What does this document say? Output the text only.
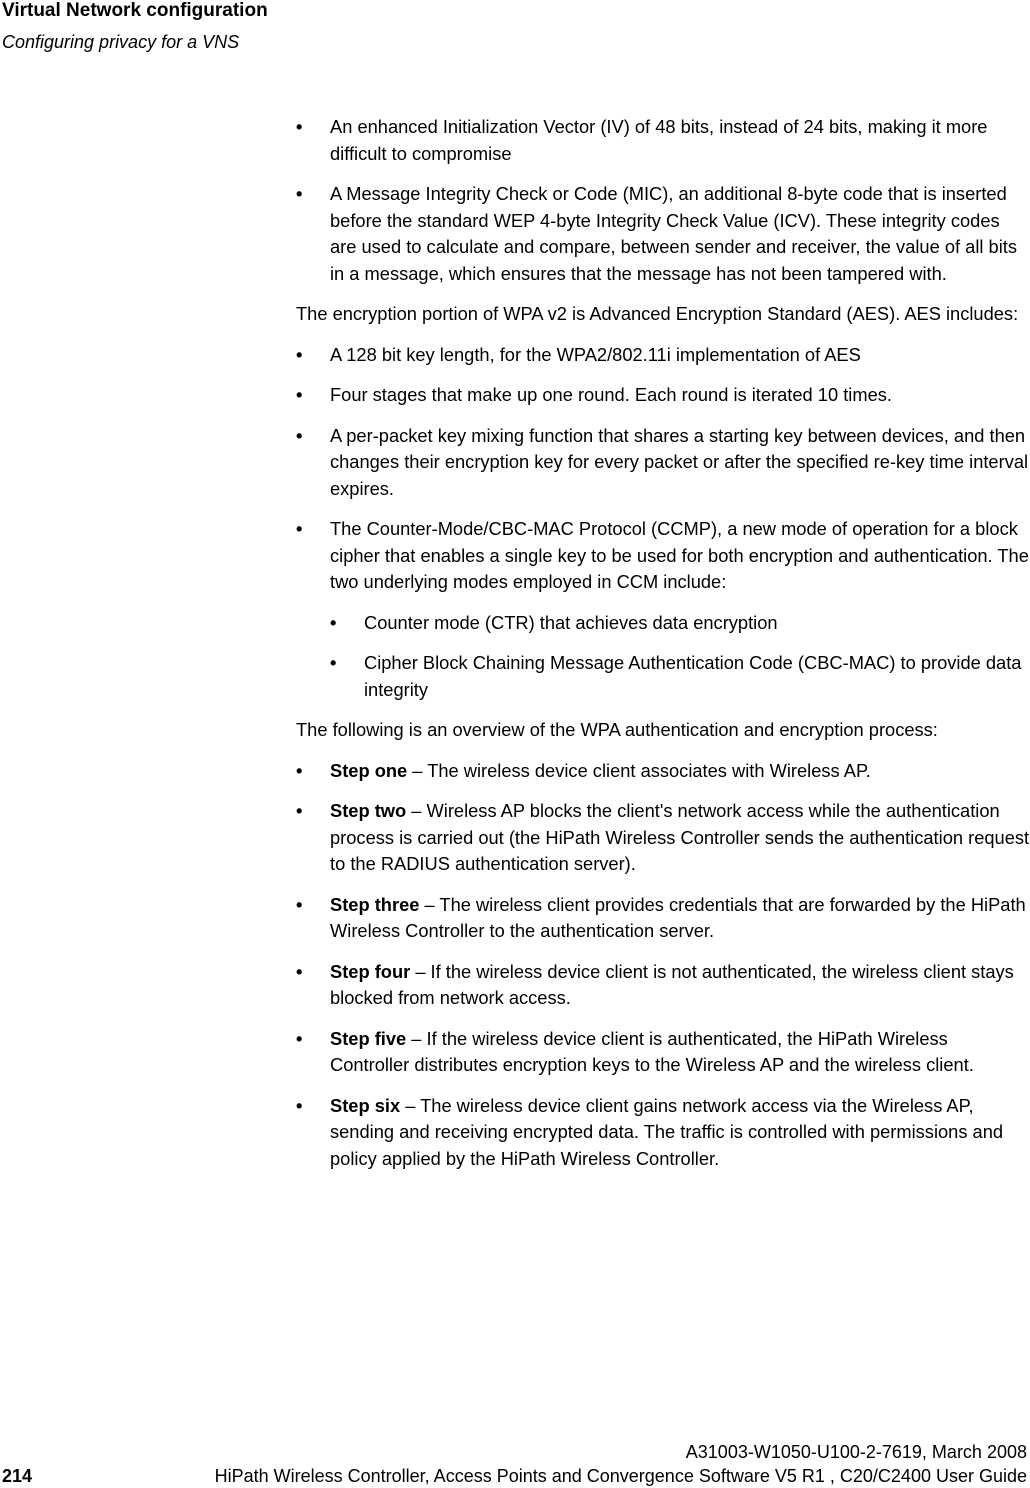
Virtual Network configuration
Configuring privacy for a VNS
• An enhanced Initialization Vector (IV) of 48 bits, instead of 24 bits, making it more difficult to compromise
• A Message Integrity Check or Code (MIC), an additional 8-byte code that is inserted before the standard WEP 4-byte Integrity Check Value (ICV). These integrity codes are used to calculate and compare, between sender and receiver, the value of all bits in a message, which ensures that the message has not been tampered with.
The encryption portion of WPA v2 is Advanced Encryption Standard (AES). AES includes:
• A 128 bit key length, for the WPA2/802.11i implementation of AES
• Four stages that make up one round. Each round is iterated 10 times.
• A per-packet key mixing function that shares a starting key between devices, and then changes their encryption key for every packet or after the specified re-key time interval expires.
• The Counter-Mode/CBC-MAC Protocol (CCMP), a new mode of operation for a block cipher that enables a single key to be used for both encryption and authentication. The two underlying modes employed in CCM include:
• Counter mode (CTR) that achieves data encryption
• Cipher Block Chaining Message Authentication Code (CBC-MAC) to provide data integrity
The following is an overview of the WPA authentication and encryption process:
• Step one – The wireless device client associates with Wireless AP.
• Step two – Wireless AP blocks the client's network access while the authentication process is carried out (the HiPath Wireless Controller sends the authentication request to the RADIUS authentication server).
• Step three – The wireless client provides credentials that are forwarded by the HiPath Wireless Controller to the authentication server.
• Step four – If the wireless device client is not authenticated, the wireless client stays blocked from network access.
• Step five – If the wireless device client is authenticated, the HiPath Wireless Controller distributes encryption keys to the Wireless AP and the wireless client.
• Step six – The wireless device client gains network access via the Wireless AP, sending and receiving encrypted data. The traffic is controlled with permissions and policy applied by the HiPath Wireless Controller.
A31003-W1050-U100-2-7619, March 2008
214	HiPath Wireless Controller, Access Points and Convergence Software V5 R1 , C20/C2400 User Guide
